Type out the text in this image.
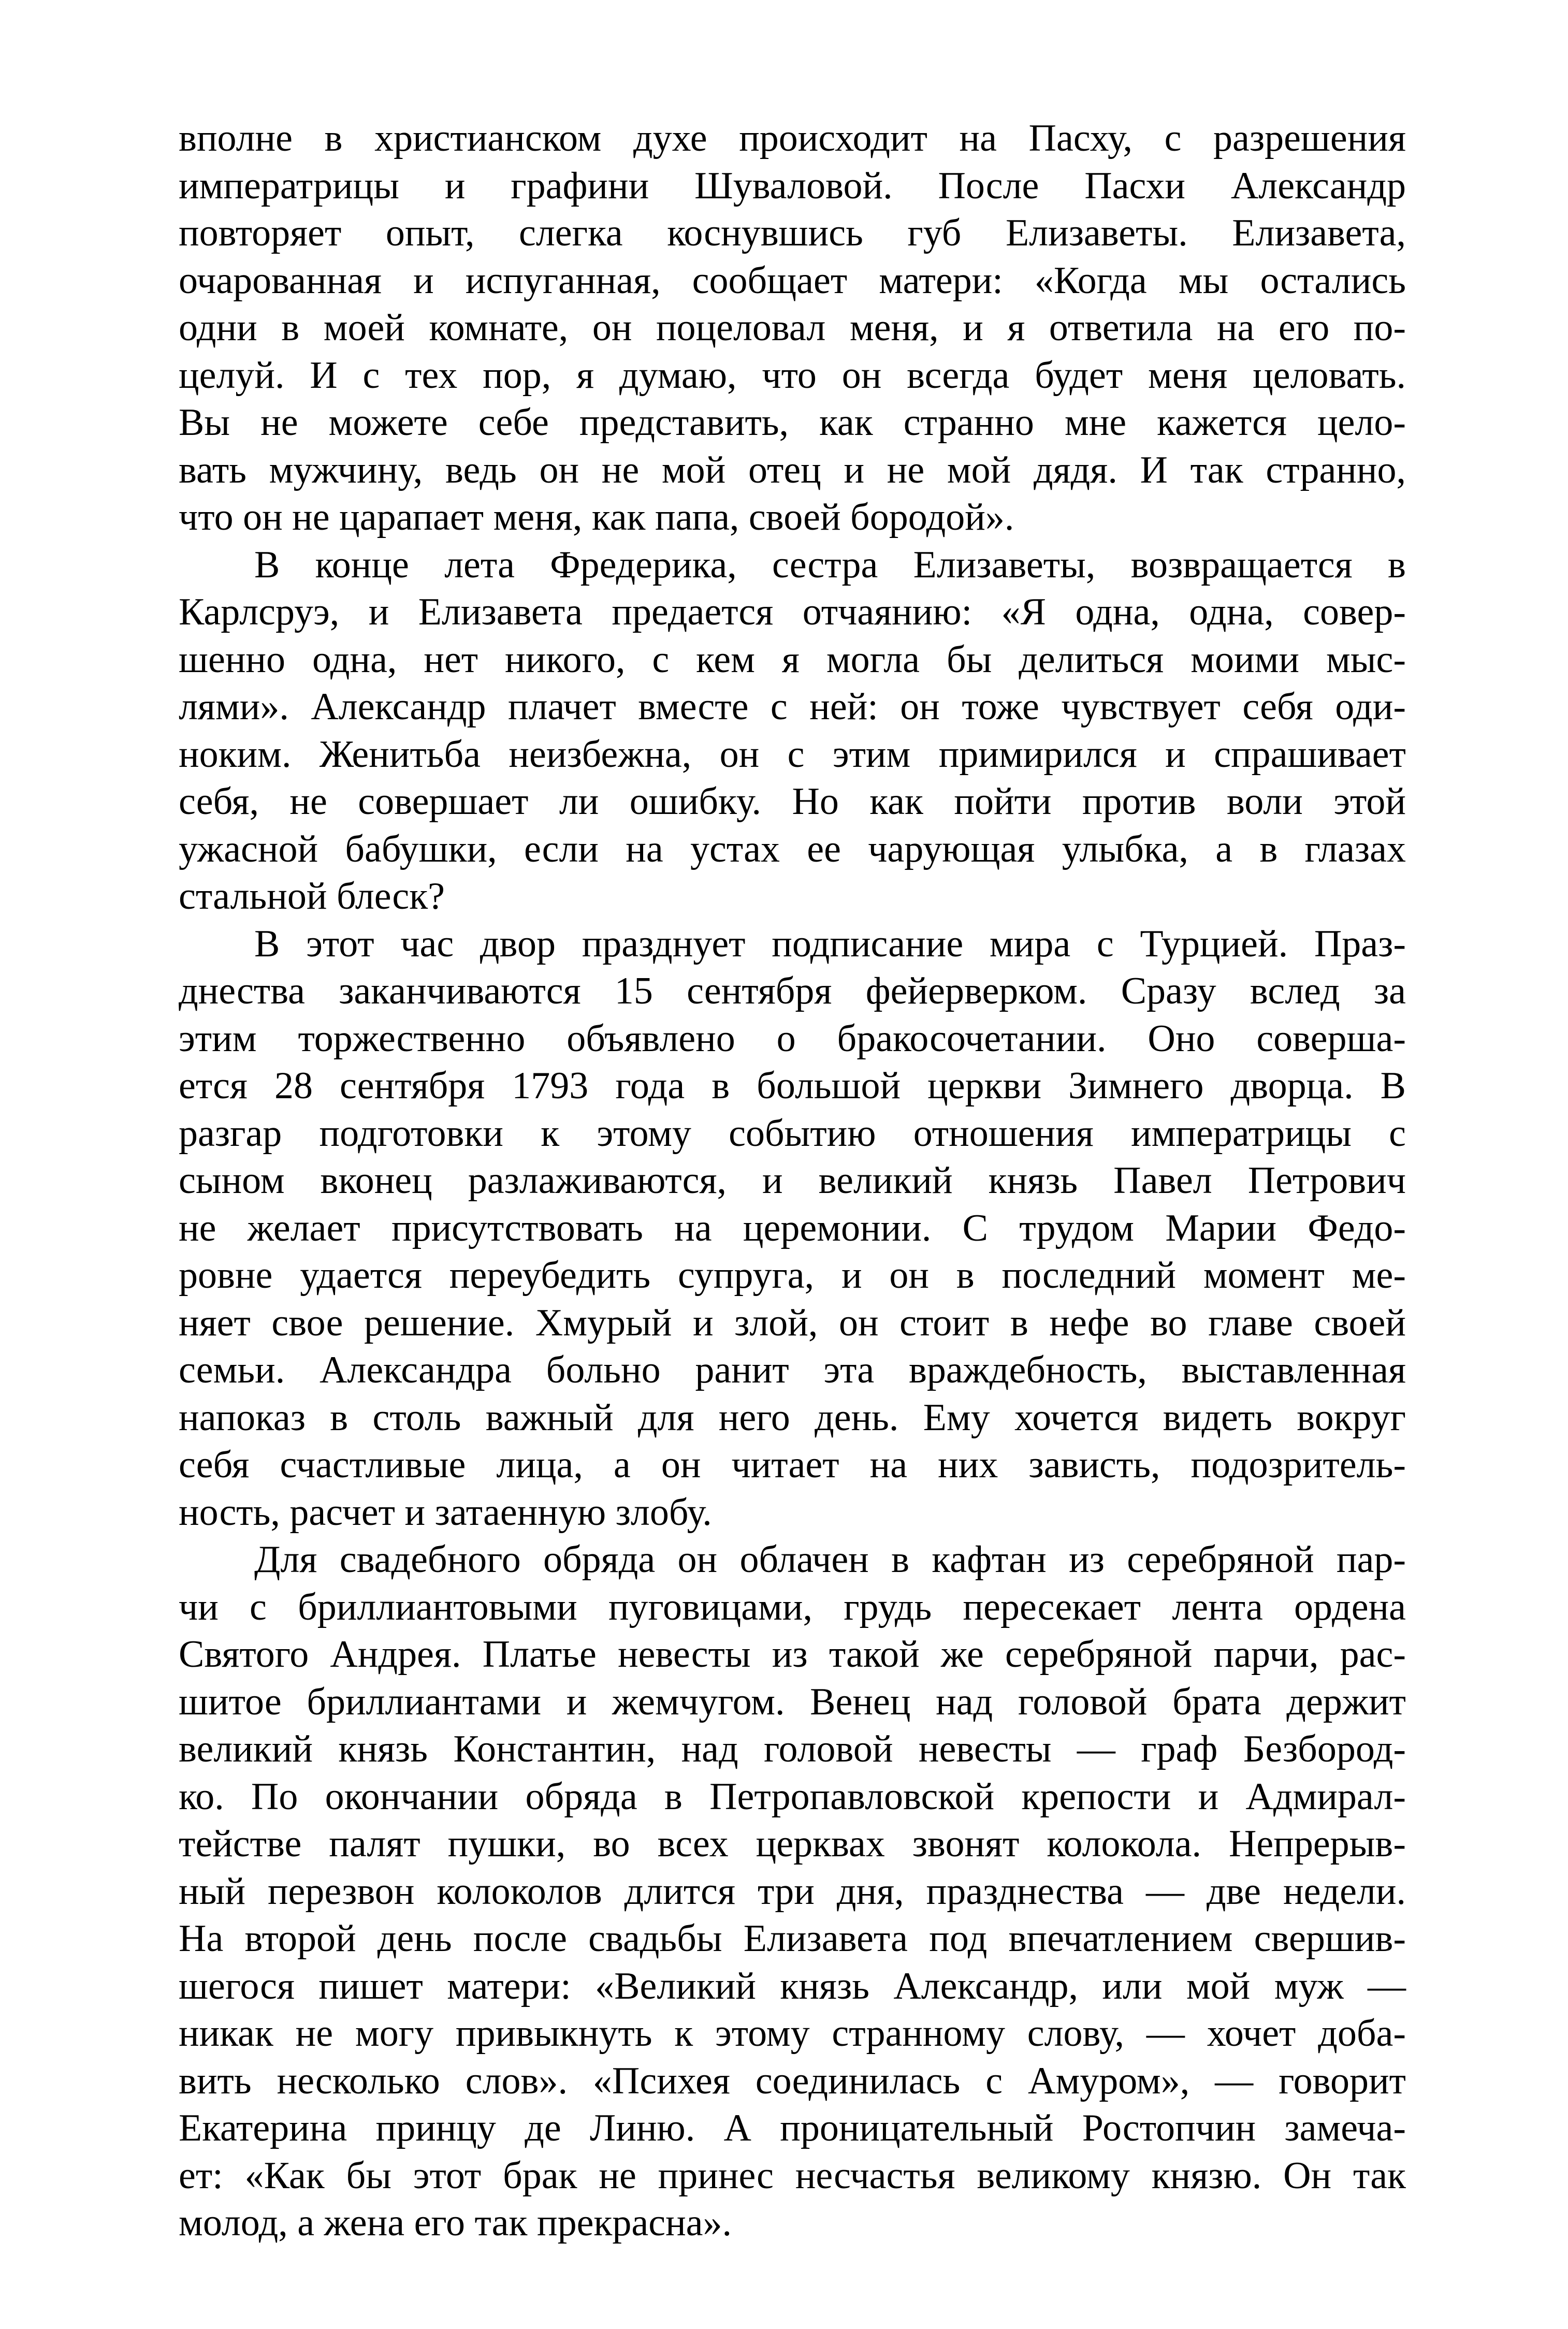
вполне в христианском духе происходит на Пасху, с разрешения
императрицы и графини Шуваловой. После Пасхи Александр
повторяет опыт, слегка коснувшись губ Елизаветы. Елизавета,
очарованная и испуганная, сообщает матери: «Когда мы остались
одни в моей комнате, он поцеловал меня, и я ответила на его по-
целуй. И с тех пор, я думаю, что он всегда будет меня целовать.
Вы не можете себе представить, как странно мне кажется цело-
вать мужчину, ведь он не мой отец и не мой дядя. И так странно,
что он не царапает меня, как папа, своей бородой».
В конце лета Фредерика, сестра Елизаветы, возвращается в
Карлсруэ, и Елизавета предается отчаянию: «Я одна, одна, совер-
шенно одна, нет никого, с кем я могла бы делиться моими мыс-
лями». Александр плачет вместе с ней: он тоже чувствует себя оди-
ноким. Женитьба неизбежна, он с этим примирился и спрашивает
себя, не совершает ли ошибку. Но как пойти против воли этой
ужасной бабушки, если на устах ее чарующая улыбка, а в глазах
стальной блеск?
В этот час двор празднует подписание мира с Турцией. Праз-
днества заканчиваются 15 сентября фейерверком. Сразу вслед за
этим торжественно объявлено о бракосочетании. Оно соверша-
ется 28 сентября 1793 года в большой церкви Зимнего дворца. В
разгар подготовки к этому событию отношения императрицы с
сыном вконец разлаживаются, и великий князь Павел Петрович
не желает присутствовать на церемонии. С трудом Марии Федо-
ровне удается переубедить супруга, и он в последний момент ме-
няет свое решение. Хмурый и злой, он стоит в нефе во главе своей
семьи. Александра больно ранит эта враждебность, выставленная
напоказ в столь важный для него день. Ему хочется видеть вокруг
себя счастливые лица, а он читает на них зависть, подозритель-
ность, расчет и затаенную злобу.
Для свадебного обряда он облачен в кафтан из серебряной пар-
чи с бриллиантовыми пуговицами, грудь пересекает лента ордена
Святого Андрея. Платье невесты из такой же серебряной парчи, рас-
шитое бриллиантами и жемчугом. Венец над головой брата держит
великий князь Константин, над головой невесты — граф Безбород-
ко. По окончании обряда в Петропавловской крепости и Адмирал-
тействе палят пушки, во всех церквах звонят колокола. Непрерыв-
ный перезвон колоколов длится три дня, празднества — две недели.
На второй день после свадьбы Елизавета под впечатлением свершив-
шегося пишет матери: «Великий князь Александр, или мой муж —
никак не могу привыкнуть к этому странному слову, — хочет доба-
вить несколько слов». «Психея соединилась с Амуром», — говорит
Екатерина принцу де Линю. А проницательный Ростопчин замеча-
ет: «Как бы этот брак не принес несчастья великому князю. Он так
молод, а жена его так прекрасна».
